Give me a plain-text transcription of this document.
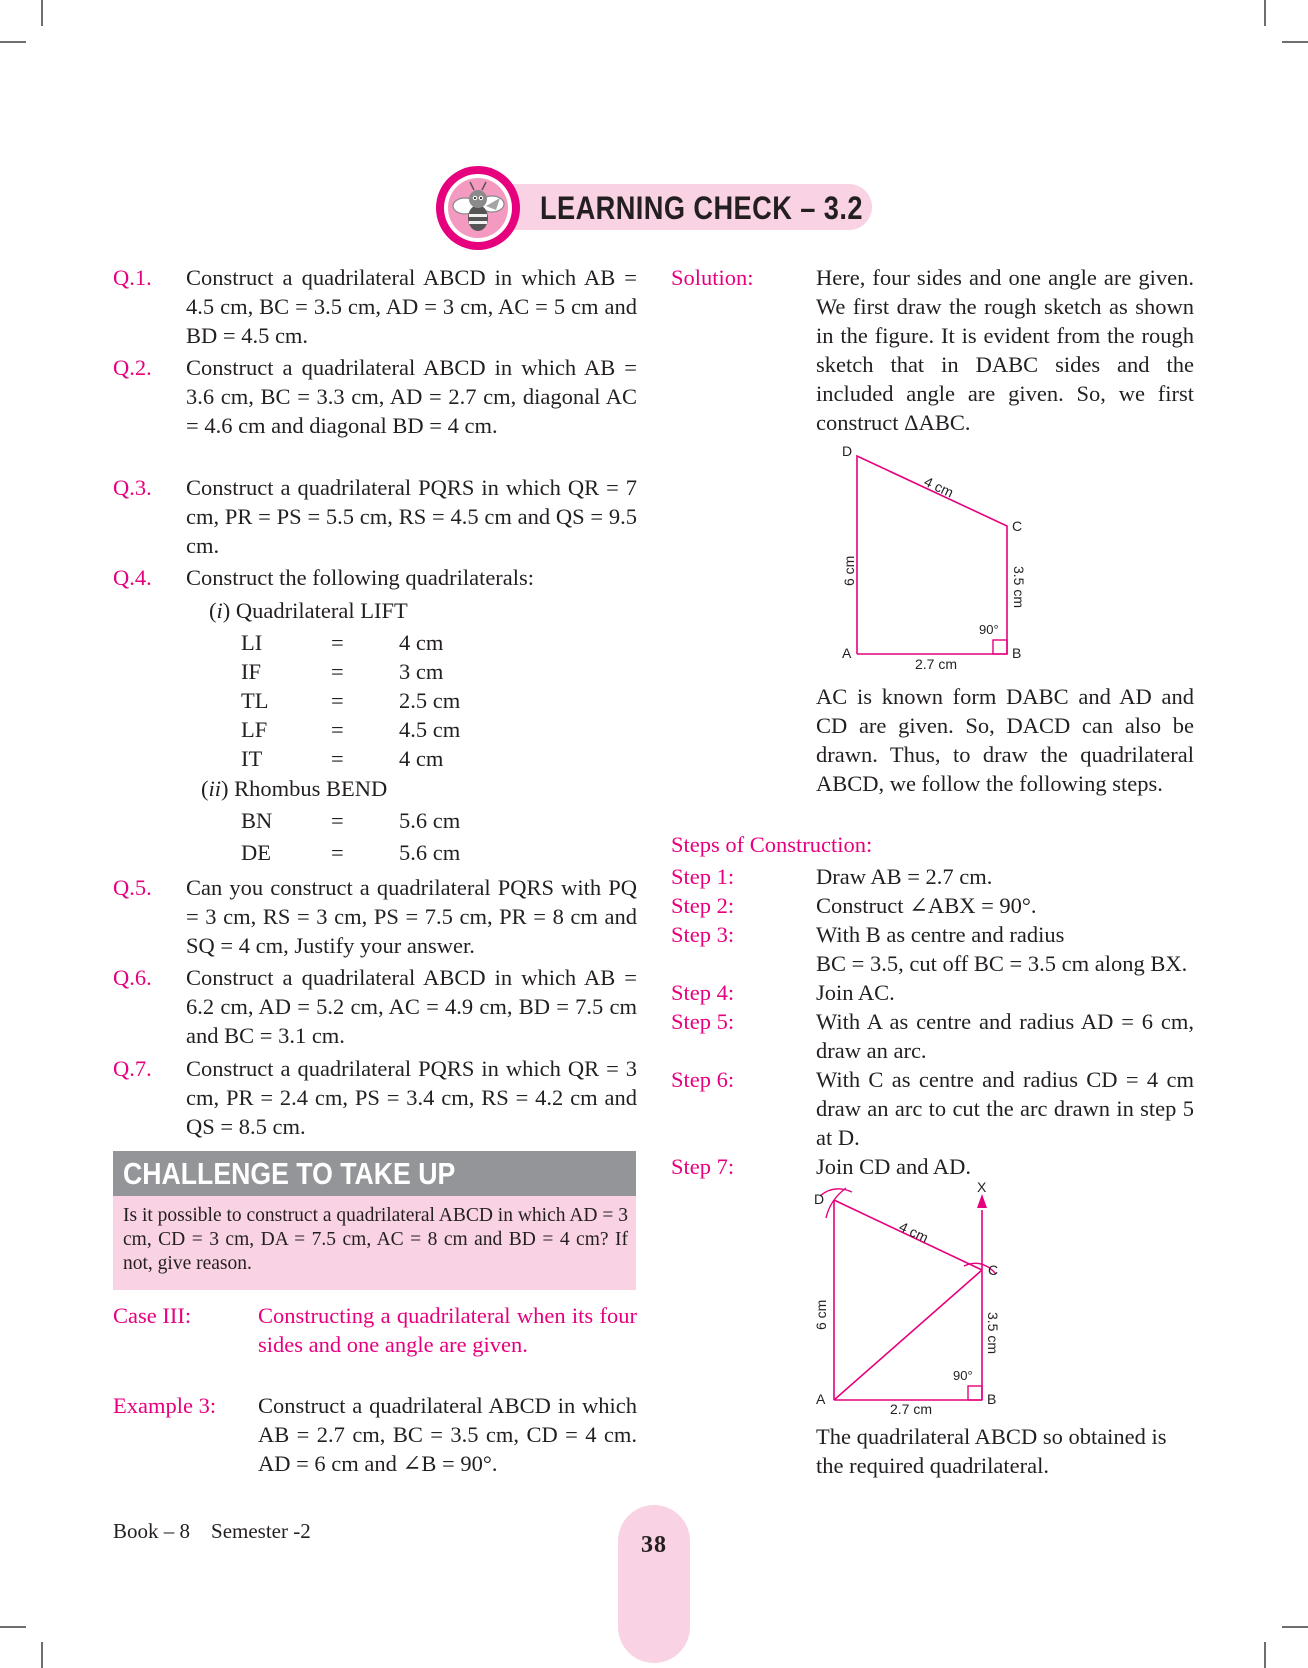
LEARNING CHECK – 3.2
Q.1.	Construct a quadrilateral ABCD in which AB = 4.5 cm, BC = 3.5 cm, AD = 3 cm, AC = 5 cm and BD = 4.5 cm.
Q.2.	Construct a quadrilateral ABCD in which AB = 3.6 cm, BC = 3.3 cm, AD = 2.7 cm, diagonal AC = 4.6 cm and diagonal BD = 4 cm.
Q.3.	Construct a quadrilateral PQRS in which QR = 7 cm, PR = PS = 5.5 cm, RS = 4.5 cm and QS = 9.5 cm.
Q.4.	Construct the following quadrilaterals:
(i) Quadrilateral LIFT
LI	= 4 cm
IF	= 3 cm
TL	= 2.5 cm
LF	= 4.5 cm
IT	= 4 cm
(ii) Rhombus BEND
BN	= 5.6 cm
DE	= 5.6 cm
Q.5.	Can you construct a quadrilateral PQRS with PQ = 3 cm, RS = 3 cm, PS = 7.5 cm, PR = 8 cm and SQ = 4 cm, Justify your answer.
Q.6.	Construct a quadrilateral ABCD in which AB = 6.2 cm, AD = 5.2 cm, AC = 4.9 cm, BD = 7.5 cm and BC = 3.1 cm.
Q.7.	Construct a quadrilateral PQRS in which QR = 3 cm, PR = 2.4 cm, PS = 3.4 cm, RS = 4.2 cm and QS = 8.5 cm.
CHALLENGE TO TAKE UP
Is it possible to construct a quadrilateral ABCD in which AD = 3 cm, CD = 3 cm, DA = 7.5 cm, AC = 8 cm and BD = 4 cm? If not, give reason.
Case III:	Constructing a quadrilateral when its four sides and one angle are given.
Example 3: Construct a quadrilateral ABCD in which AB = 2.7 cm, BC = 3.5 cm, CD = 4 cm. AD = 6 cm and ∠B = 90°.
Solution:	Here, four sides and one angle are given. We first draw the rough sketch as shown in the figure. It is evident from the rough sketch that in DABC sides and the included angle are given. So, we first construct ΔABC.
D
C
A	B
4 cm
6 cm	3.5 cm
2.7 cm
90°
AC is known form DABC and AD and CD are given. So, DACD can also be drawn. Thus, to draw the quadrilateral ABCD, we follow the following steps.
Steps of Construction:
Step 1:	Draw AB = 2.7 cm.
Step 2:	Construct ∠ABX = 90°.
Step 3:	With B as centre and radius
BC = 3.5, cut off BC = 3.5 cm along BX.
Step 4:	Join AC.
Step 5:	With A as centre and radius AD = 6 cm, draw an arc.
Step 6:	With C as centre and radius CD = 4 cm draw an arc to cut the arc drawn in step 5 at D.
Step 7:	Join CD and AD.
D
C
A	B
X
4 cm
6 cm	3.5 cm
2.7 cm
90°
The quadrilateral ABCD so obtained is the required quadrilateral.
Book – 8 Semester -2
38
